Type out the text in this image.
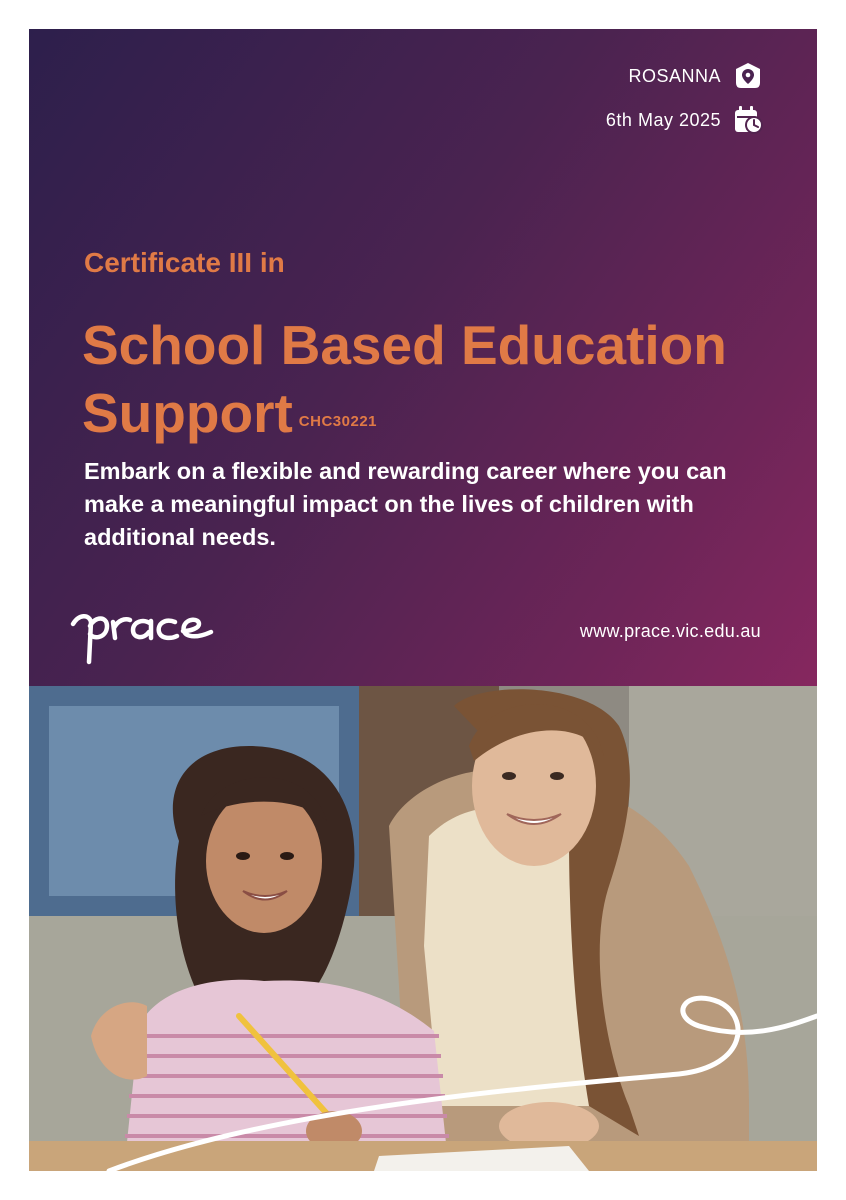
ROSANNA
6th May 2025
Certificate III in
School Based Education Support CHC30221
Embark on a flexible and rewarding career where you can make a meaningful impact on the lives of children with additional needs.
www.prace.vic.edu.au
